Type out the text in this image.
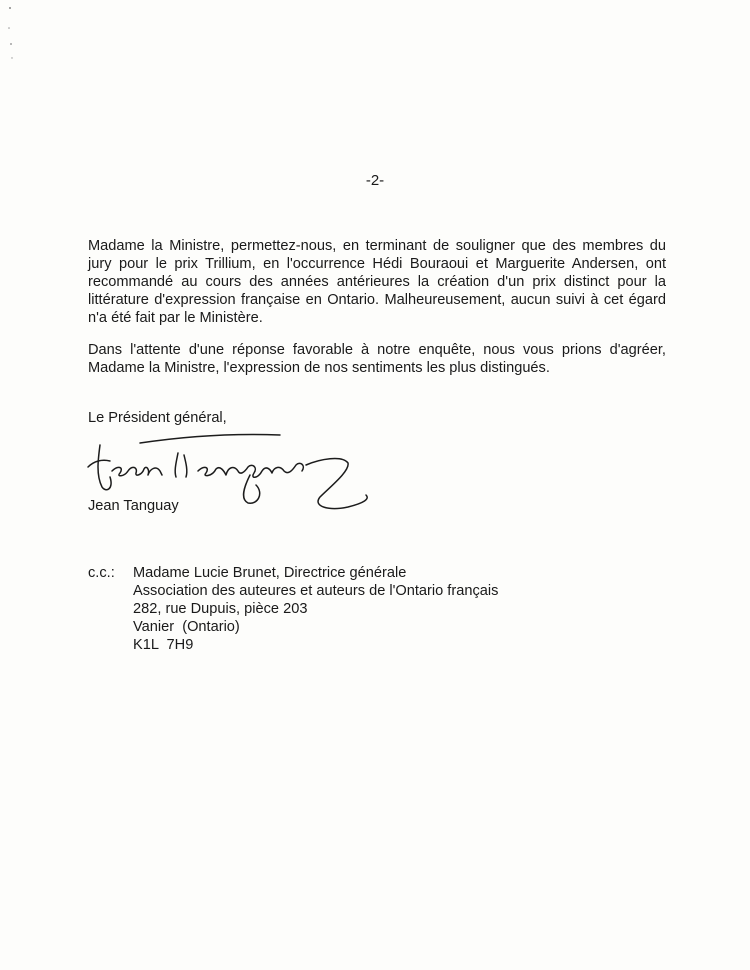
-2-

Madame la Ministre, permettez-nous, en terminant de souligner que des membres du jury pour le prix Trillium, en l'occurrence Hédi Bouraoui et Marguerite Andersen, ont recommandé au cours des années antérieures la création d'un prix distinct pour la littérature d'expression française en Ontario. Malheureusement, aucun suivi à cet égard n'a été fait par le Ministère.

Dans l'attente d'une réponse favorable à notre enquête, nous vous prions d'agréer, Madame la Ministre, l'expression de nos sentiments les plus distingués.

Le Président général,
Jean Tanguay
c.c.: Madame Lucie Brunet, Directrice générale
Association des auteures et auteurs de l'Ontario français
282, rue Dupuis, pièce 203
Vanier  (Ontario)
K1L  7H9
